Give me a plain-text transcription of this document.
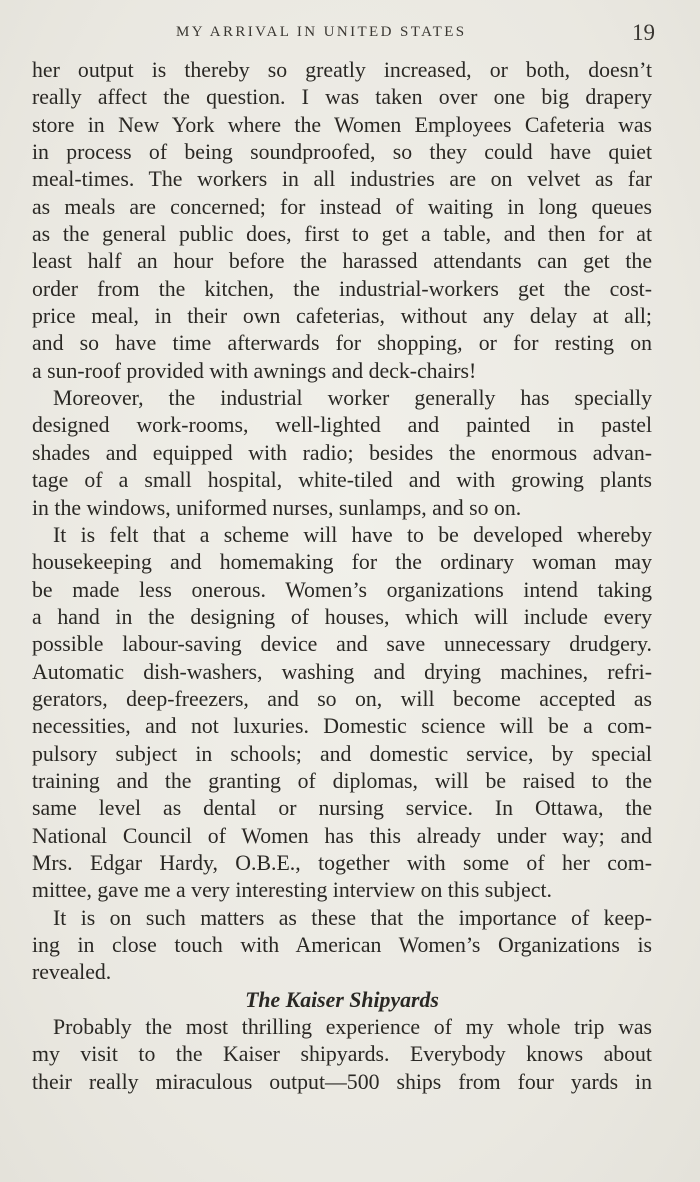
MY ARRIVAL IN UNITED STATES	19
her output is thereby so greatly increased, or both, doesn’t
really affect the question. I was taken over one big drapery
store in New York where the Women Employees Cafeteria was
in process of being soundproofed, so they could have quiet
meal-times. The workers in all industries are on velvet as far
as meals are concerned; for instead of waiting in long queues
as the general public does, first to get a table, and then for at
least half an hour before the harassed attendants can get the
order from the kitchen, the industrial-workers get the cost-
price meal, in their own cafeterias, without any delay at all;
and so have time afterwards for shopping, or for resting on
a sun-roof provided with awnings and deck-chairs!
Moreover, the industrial worker generally has specially
designed work-rooms, well-lighted and painted in pastel
shades and equipped with radio; besides the enormous advan-
tage of a small hospital, white-tiled and with growing plants
in the windows, uniformed nurses, sunlamps, and so on.
It is felt that a scheme will have to be developed whereby
housekeeping and homemaking for the ordinary woman may
be made less onerous. Women’s organizations intend taking
a hand in the designing of houses, which will include every
possible labour-saving device and save unnecessary drudgery.
Automatic dish-washers, washing and drying machines, refri-
gerators, deep-freezers, and so on, will become accepted as
necessities, and not luxuries. Domestic science will be a com-
pulsory subject in schools; and domestic service, by special
training and the granting of diplomas, will be raised to the
same level as dental or nursing service. In Ottawa, the
National Council of Women has this already under way; and
Mrs. Edgar Hardy, O.B.E., together with some of her com-
mittee, gave me a very interesting interview on this subject.
It is on such matters as these that the importance of keep-
ing in close touch with American Women’s Organizations is
revealed.
The Kaiser Shipyards
Probably the most thrilling experience of my whole trip was
my visit to the Kaiser shipyards. Everybody knows about
their really miraculous output—500 ships from four yards in
